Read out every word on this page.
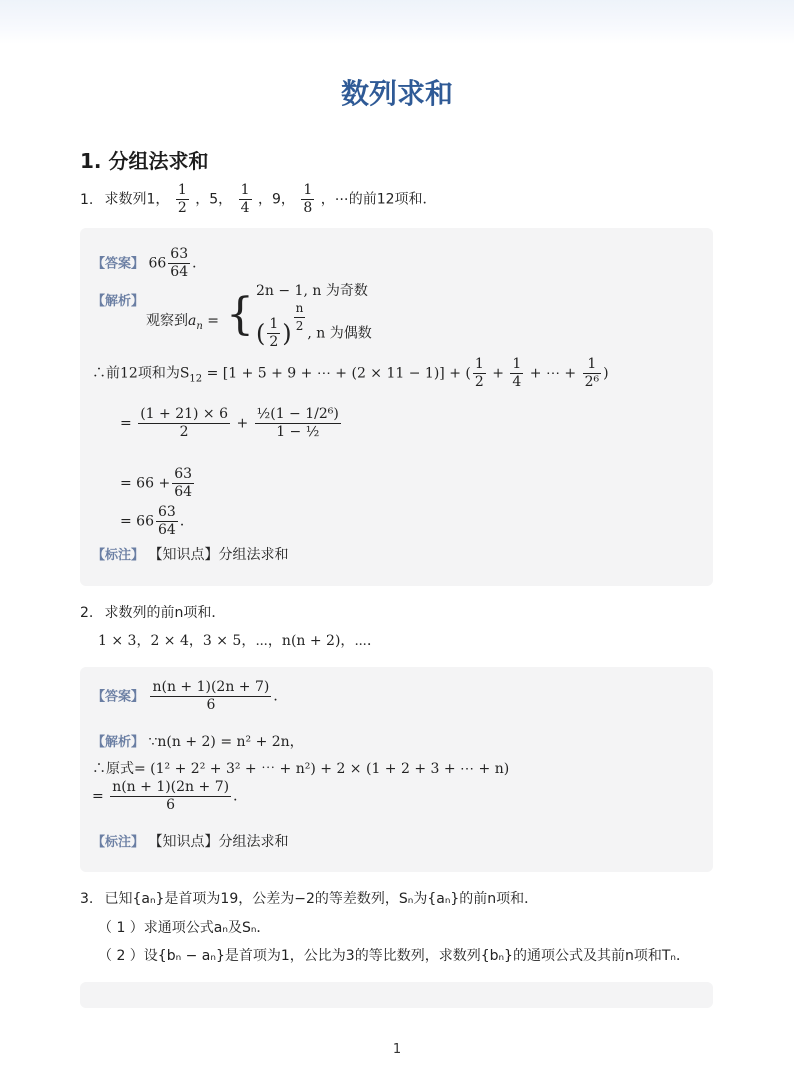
数列求和
1. 分组法求和
1. 求数列1， $\frac{1}{2}$ ，5， $\frac{1}{4}$ ，9， $\frac{1}{8}$ ，⋯的前12项和．
【答案】 $66 \frac{63}{64}$ ．
【解析】
观察到$a_n$ = { 2n − 1, n 为奇数
( $\frac{1}{2}$ ) $\frac{n}{2}$ , n 为偶数
∴前12项和为$S_{12} = [1 + 5 + 9$ + ⋯ + (2 × 11 − 1)] + ( $\frac{1}{2} + \frac{1}{4}$ + ⋯ + $\frac{1}{\text{2⁶}}$ )
= $\frac{(1 + 21) \times 6}{2} + \frac{\text{½(1 − 1/2⁶)}}{\text{1 − ½}}$
= $66 + \frac{63}{64}$
= $66 \frac{63}{64}$ ．
【标注】 【知识点】分组法求和
2. 求数列的前n项和．
1 × 3，2 × 4，3 × 5，⋯，n(n + 2)，⋯．
【答案】 $\frac{n(n + 1)(2n + 7)}{6}$ ．
【解析】 ∵n(n + 2) = n² + 2n，
∴原式= (1² + 2² + 3² + ⋯ + n²) + 2 × (1 + 2 + 3 + ⋯ + n)
= $\frac{n(n + 1)(2n + 7)}{6}$ ．
【标注】 【知识点】分组法求和
3. 已知{aₙ}是首项为19，公差为−2的等差数列，Sₙ为{aₙ}的前n项和．
（ 1 ）求通项公式aₙ及Sₙ．
（ 2 ）设{bₙ − aₙ}是首项为1，公比为3的等比数列，求数列{bₙ}的通项公式及其前n项和Tₙ．
1
